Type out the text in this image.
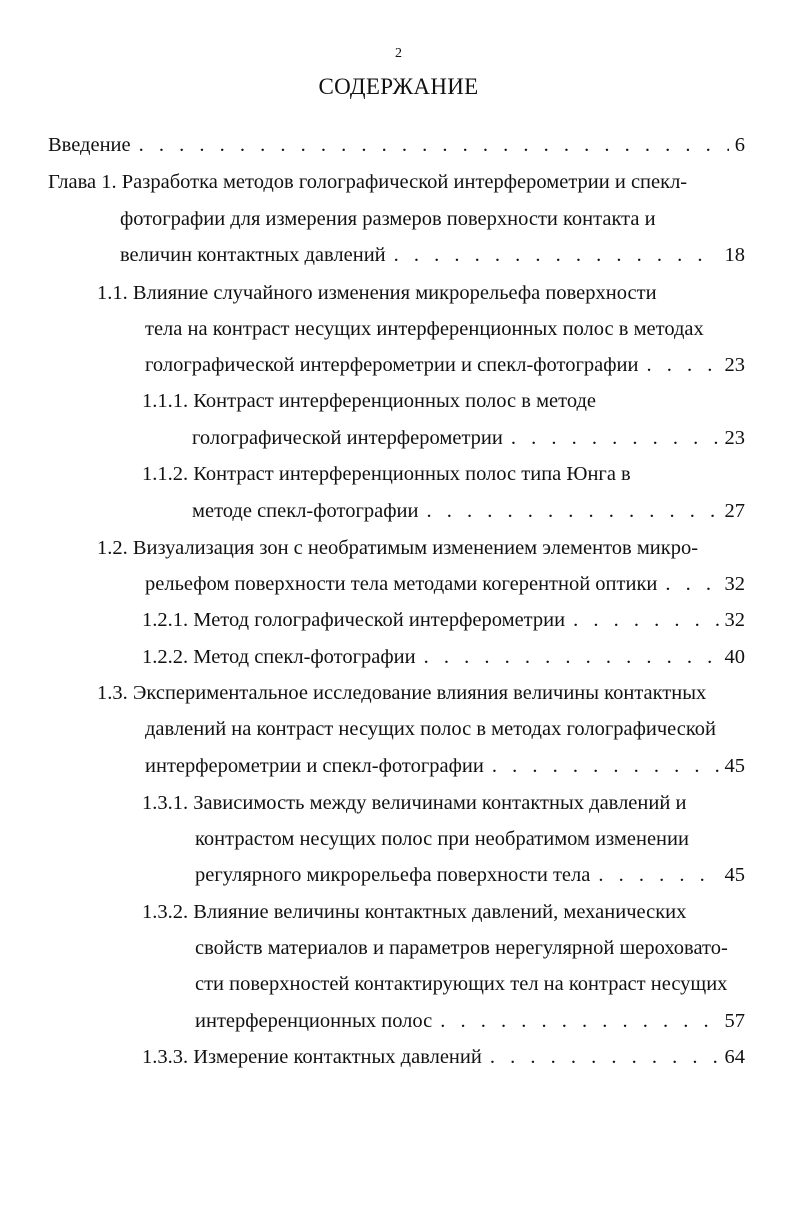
2
СОДЕРЖАНИЕ
Введение . . .	6
Глава 1. Разработка методов голографической интерферометрии и спекл-
фотографии для измерения размеров поверхности контакта и
величин контактных давлений . . .	18
1.1. Влияние случайного изменения микрорельефа поверхности
тела на контраст несущих интерференционных полос в методах
голографической интерферометрии и спекл-фотографии . . .	23
1.1.1. Контраст интерференционных полос в методе
голографической интерферометрии . . .	23
1.1.2. Контраст интерференционных полос типа Юнга в
методе спекл-фотографии . . .	27
1.2. Визуализация зон с необратимым изменением элементов микро-
рельефом поверхности тела методами когерентной оптики . . .	32
1.2.1. Метод голографической интерферометрии . . .	32
1.2.2. Метод спекл-фотографии . . .	40
1.3. Экспериментальное исследование влияния величины контактных
давлений на контраст несущих полос в методах голографической
интерферометрии и спекл-фотографии . . .	45
1.3.1. Зависимость между величинами контактных давлений и
контрастом несущих полос при необратимом изменении
регулярного микрорельефа поверхности тела . . .	45
1.3.2. Влияние величины контактных давлений, механических
свойств материалов и параметров нерегулярной шероховато-
сти поверхностей контактирующих тел на контраст несущих
интерференционных полос . . .	57
1.3.3. Измерение контактных давлений . . .	64
